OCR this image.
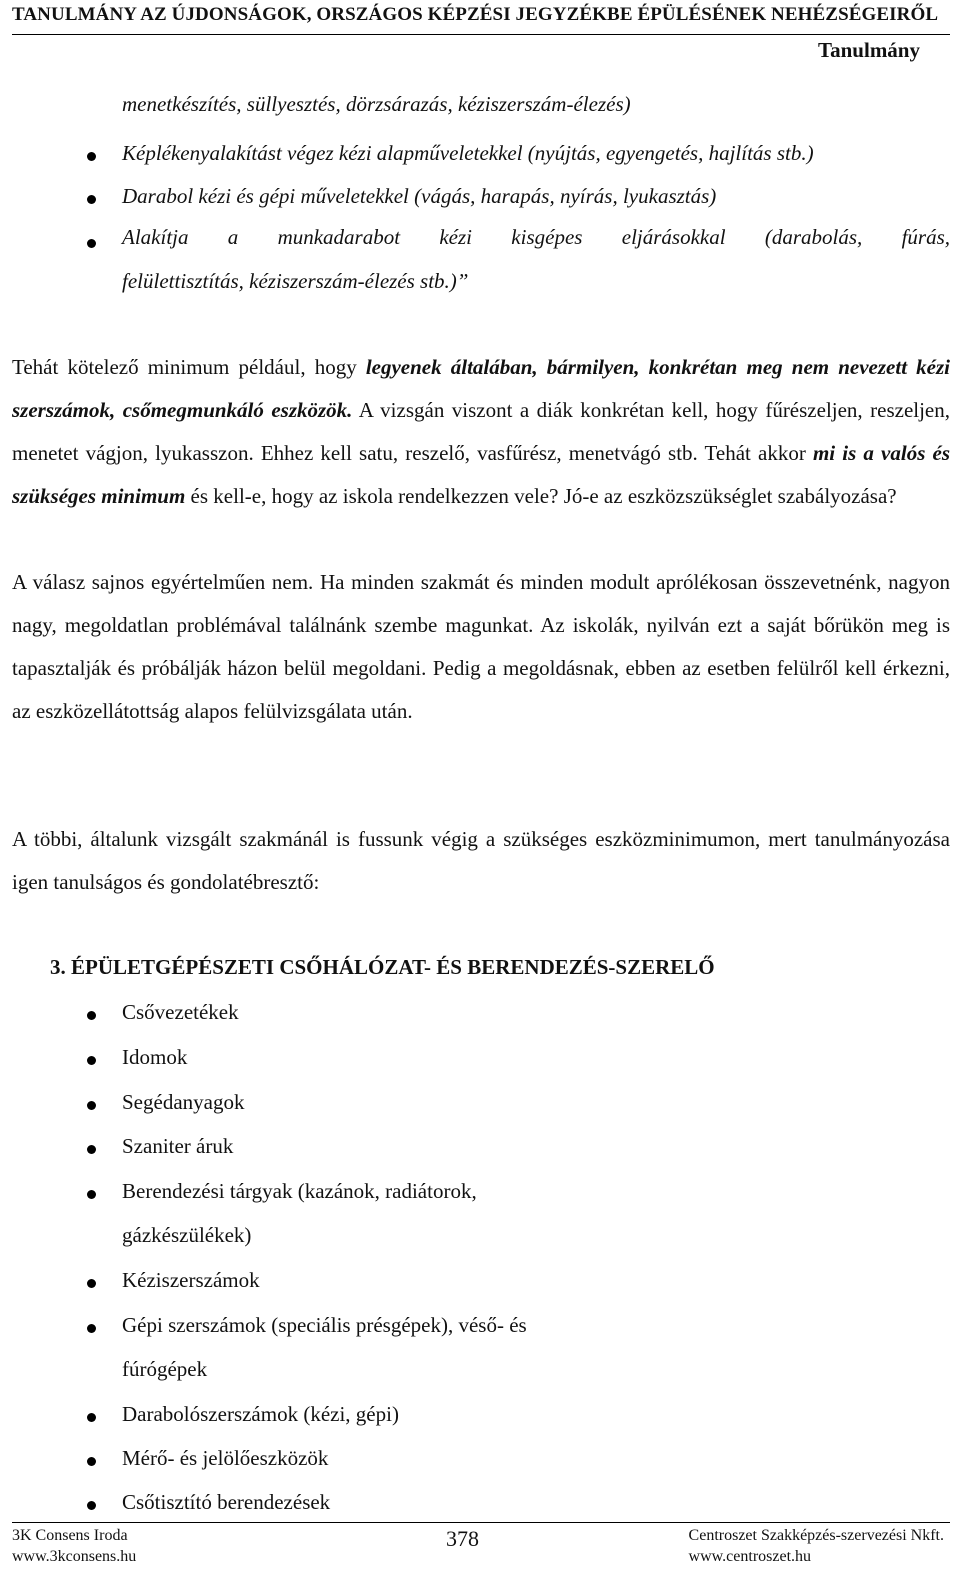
TANULMÁNY AZ ÚJDONSÁGOK, ORSZÁGOS KÉPZÉSI JEGYZÉKBE ÉPÜLÉSÉNEK NEHÉZSÉGEIRŐL
Tanulmány
menetkészítés, süllyesztés, dörzsárazás, kéziszerszám-élezés)
Képlékenyalakítást végez kézi alapműveletekkel (nyújtás, egyengetés, hajlítás stb.)
Darabol kézi és gépi műveletekkel (vágás, harapás, nyírás, lyukasztás)
Alakítja a munkadarabot kézi kisgépes eljárásokkal (darabolás, fúrás,
felülettisztítás, kéziszerszám-élezés stb.)”
Tehát kötelező minimum például, hogy legyenek általában, bármilyen, konkrétan meg nem nevezett kézi szerszámok, csőmegmunkáló eszközök. A vizsgán viszont a diák konkrétan kell, hogy fűrészeljen, reszeljen, menetet vágjon, lyukasszon. Ehhez kell satu, reszelő, vasfűrész, menetvágó stb. Tehát akkor mi is a valós és szükséges minimum és kell-e, hogy az iskola rendelkezzen vele? Jó-e az eszközszükséglet szabályozása?
A válasz sajnos egyértelműen nem. Ha minden szakmát és minden modult aprólékosan összevetnénk, nagyon nagy, megoldatlan problémával találnánk szembe magunkat. Az iskolák, nyilván ezt a saját bőrükön meg is tapasztalják és próbálják házon belül megoldani. Pedig a megoldásnak, ebben az esetben felülről kell érkezni, az eszközellátottság alapos felülvizsgálata után.
A többi, általunk vizsgált szakmánál is fussunk végig a szükséges eszközminimumon, mert tanulmányozása igen tanulságos és gondolatébresztő:
3. ÉPÜLETGÉPÉSZETI CSŐHÁLÓZAT- ÉS BERENDEZÉS-SZERELŐ
Csővezetékek
Idomok
Segédanyagok
Szaniter áruk
Berendezési tárgyak (kazánok, radiátorok,
gázkészülékek)
Kéziszerszámok
Gépi szerszámok (speciális présgépek), véső- és
fúrógépek
Darabolószerszámok (kézi, gépi)
Mérő- és jelölőeszközök
Csőtisztító berendezések
3K Consens Iroda
www.3kconsens.hu
378	Centroszet Szakképzés-szervezési Nkft.
www.centroszet.hu
